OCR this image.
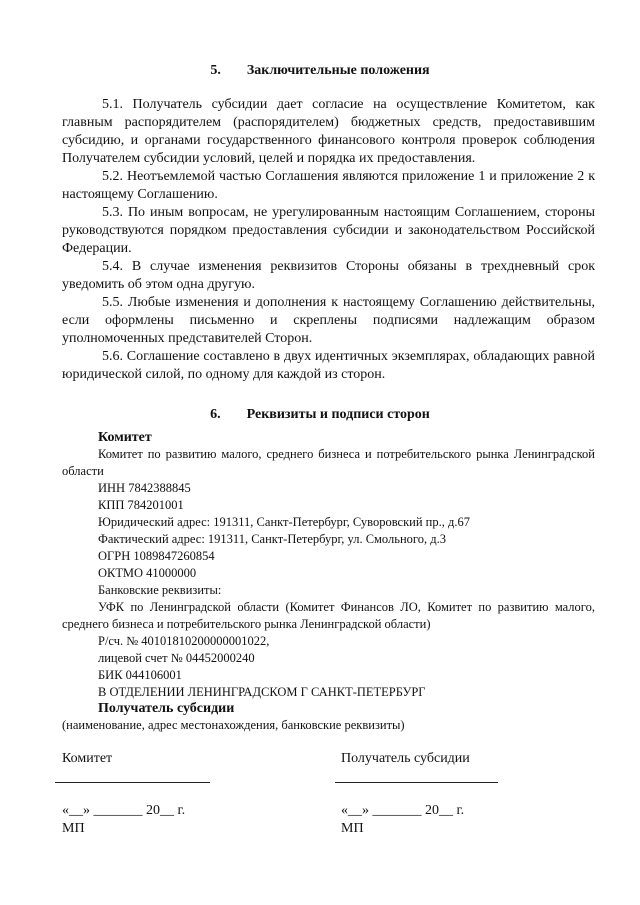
5. Заключительные положения

5.1. Получатель субсидии дает согласие на осуществление Комитетом, как главным распорядителем (распорядителем) бюджетных средств, предоставившим субсидию, и органами государственного финансового контроля проверок соблюдения Получателем субсидии условий, целей и порядка их предоставления.

5.2. Неотъемлемой частью Соглашения являются приложение 1 и приложение 2 к настоящему Соглашению.

5.3. По иным вопросам, не урегулированным настоящим Соглашением, стороны руководствуются порядком предоставления субсидии и законодательством Российской Федерации.

5.4. В случае изменения реквизитов Стороны обязаны в трехдневный срок уведомить об этом одна другую.

5.5. Любые изменения и дополнения к настоящему Соглашению действительны, если оформлены письменно и скреплены подписями надлежащим образом уполномоченных представителей Сторон.

5.6. Соглашение составлено в двух идентичных экземплярах, обладающих равной юридической силой, по одному для каждой из сторон.

6. Реквизиты и подписи сторон
Комитет
Комитет по развитию малого, среднего бизнеса и потребительского рынка Ленинградской области
ИНН 7842388845
КПП 784201001
Юридический адрес: 191311, Санкт-Петербург, Суворовский пр., д.67
Фактический адрес: 191311, Санкт-Петербург, ул. Смольного, д.3
ОГРН 1089847260854
ОКТМО 41000000
Банковские реквизиты:
УФК по Ленинградской области (Комитет Финансов ЛО, Комитет по развитию малого, среднего бизнеса и потребительского рынка Ленинградской области)
Р/сч. № 40101810200000001022,
лицевой счет № 04452000240
БИК 044106001
В ОТДЕЛЕНИИ ЛЕНИНГРАДСКОМ Г САНКТ-ПЕТЕРБУРГ
Получатель субсидии
(наименование, адрес местонахождения, банковские реквизиты)
Комитет
«__» _______ 20__ г.
МП
Получатель субсидии
«__» _______ 20__ г.
МП
